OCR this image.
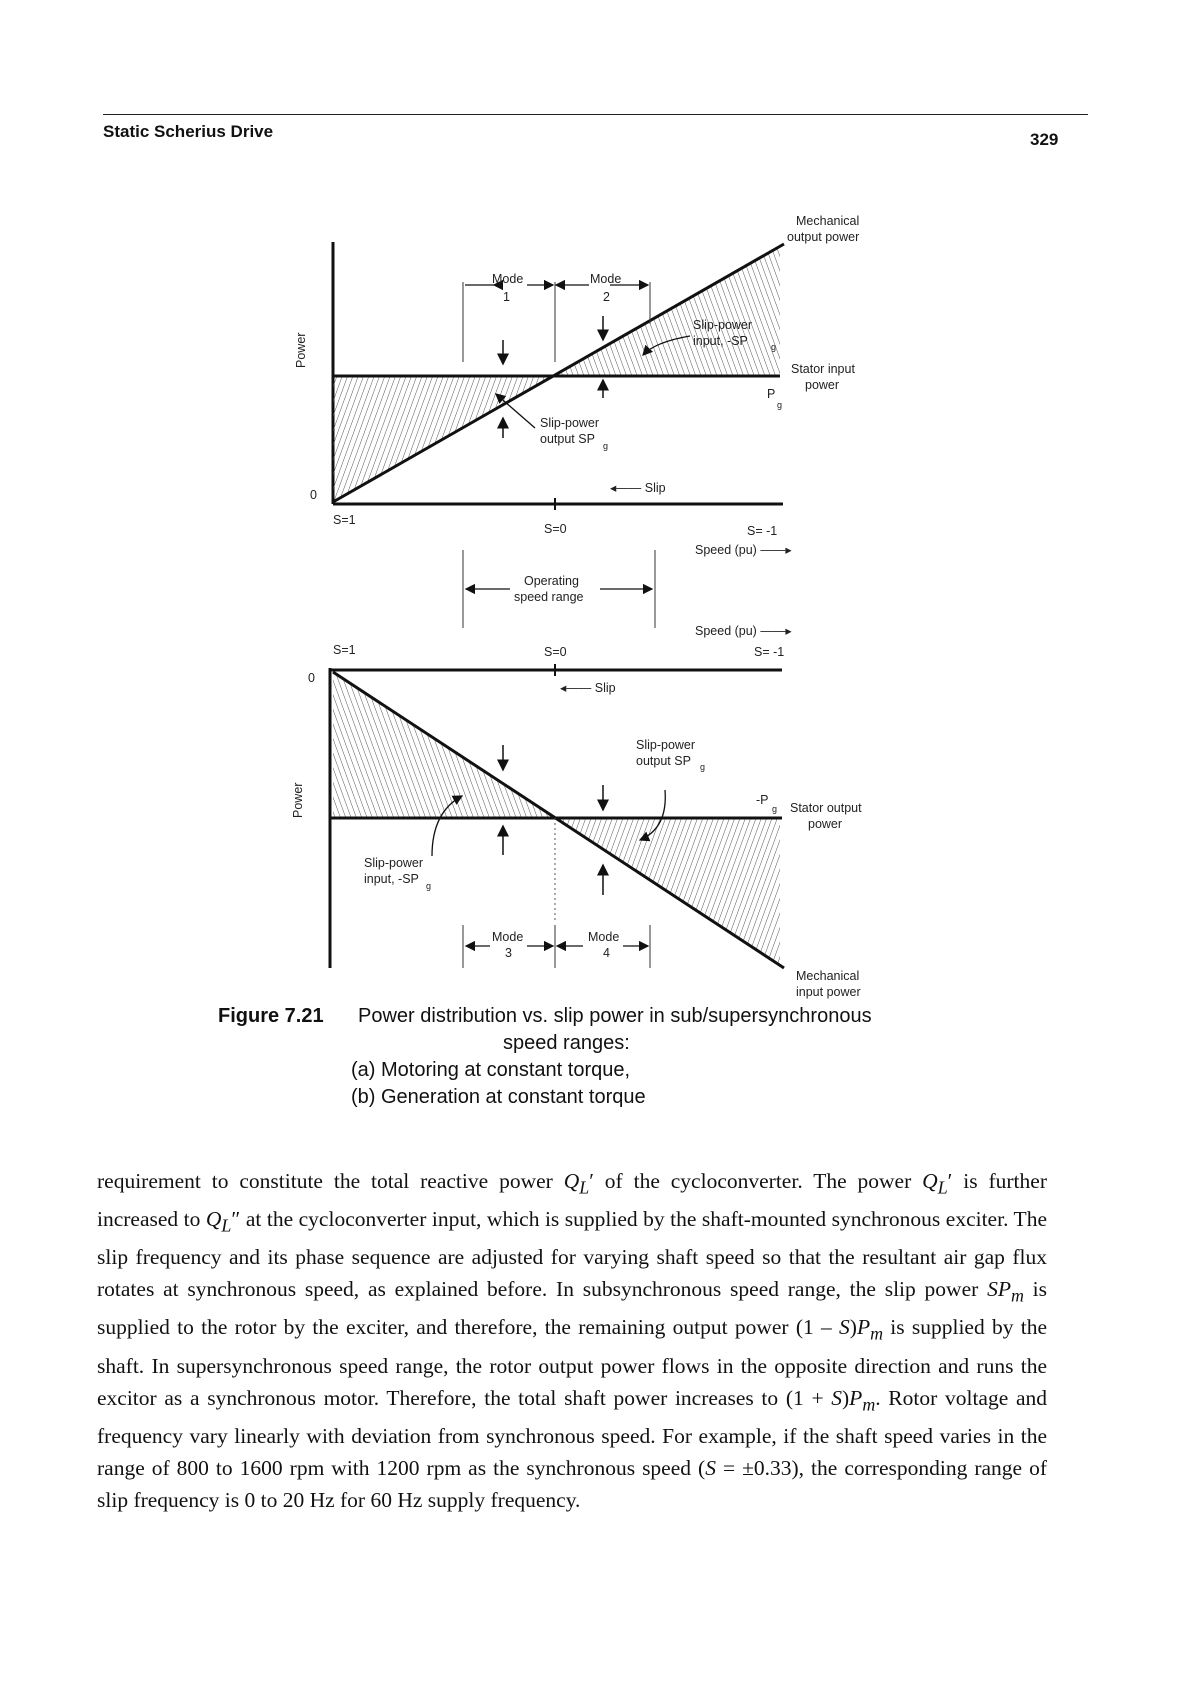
Static Scherius Drive	329
Mode
1
Mode
2
Power
0
S=1
S=0	S= -1
Speed (pu) ——▸
◂—— Slip
Mechanical
output power
Slip-power
input, -SP	g
Stator input
power
P
g
Slip-power
output SP g
Operating
speed range
Power
0
S=1	S=0	S= -1
Speed (pu) ——▸
◂—— Slip
Slip-power
output SP g
-P
g Stator output
power
Slip-power
input, -SP g
Mode
3
Mode
4
Mechanical
input power
Figure 7.21 Power distribution vs. slip power in sub/supersynchronous
speed ranges:
(a) Motoring at constant torque,
(b) Generation at constant torque

requirement to constitute the total reactive power $Q_L'$ of the cycloconverter. The power $Q_L'$ is further increased to $Q_L''$ at the cycloconverter input, which is supplied by the shaft-mounted synchronous exciter. The slip frequency and its phase sequence are adjusted for varying shaft speed so that the resultant air gap flux rotates at synchronous speed, as explained before. In subsynchronous speed range, the slip power $SP_m$ is supplied to the rotor by the exciter, and therefore, the remaining output power $(1 - S)P_m$ is supplied by the shaft. In supersynchronous speed range, the rotor output power flows in the opposite direction and runs the excitor as a synchronous motor. Therefore, the total shaft power increases to $(1 + S)P_m$. Rotor voltage and frequency vary linearly with deviation from synchronous speed. For example, if the shaft speed varies in the range of 800 to 1600 rpm with 1200 rpm as the synchronous speed (S = ±0.33), the corresponding range of slip frequency is 0 to 20 Hz for 60 Hz supply frequency.
